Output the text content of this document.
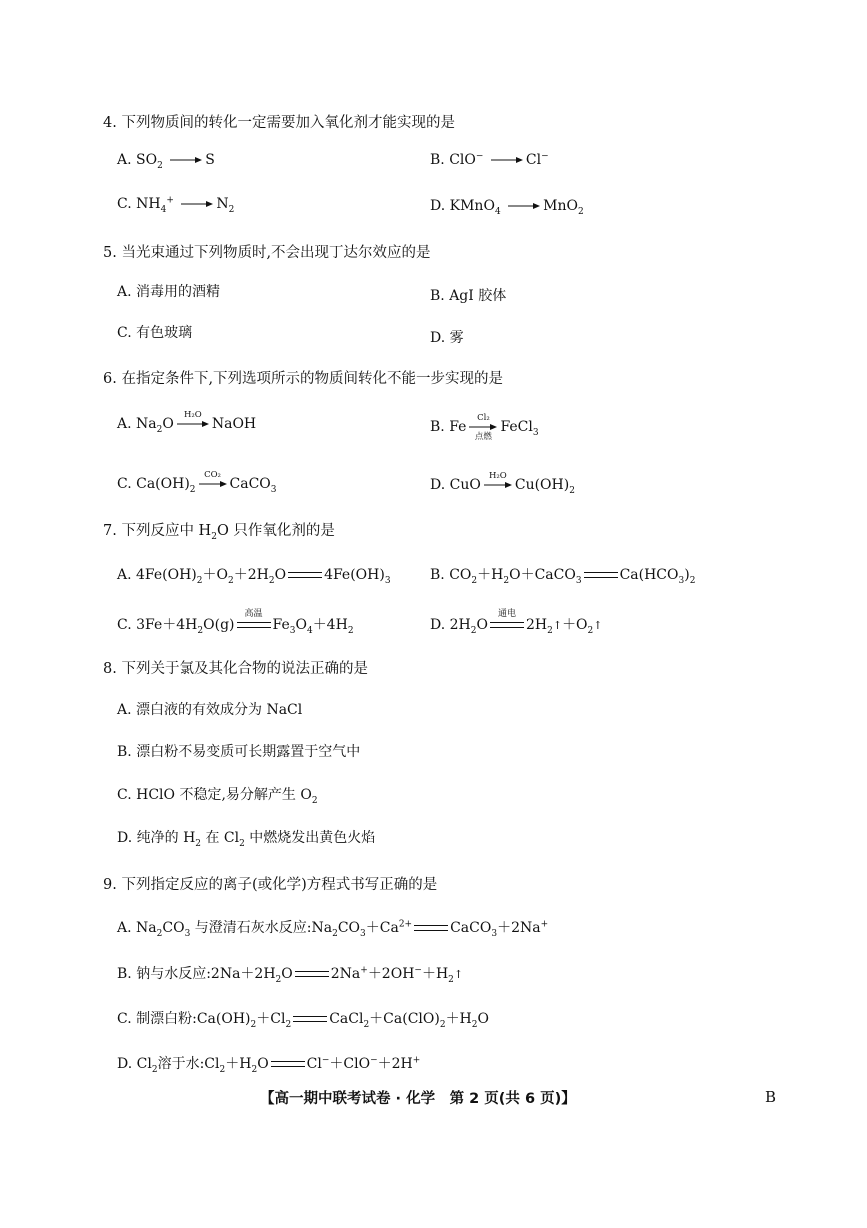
4. 下列物质间的转化一定需要加入氧化剂才能实现的是
A. $SO_2 \to S$	B. ClO− → Cl−
C. $NH_4^+ \to N_2$	D. KMnO$_4$ → MnO$_2$
5. 当光束通过下列物质时,不会出现丁达尔效应的是
A. 消毒用的酒精	B. AgI 胶体
C. 有色玻璃	D. 雾
6. 在指定条件下,下列选项所示的物质间转化不能一步实现的是
A. $Na_2O$
H₂O
NaOH	B. Fe
Cl₂
点燃
FeCl$_3$
C. $Ca(OH)_2$
CO₂
CaCO$_3$	D. CuO
H₂O
$Cu(OH)_2$
7. 下列反应中 $H_2O$ 只作氧化剂的是
A. $4Fe(OH)_2+O_2+2H_2O$	$4Fe(OH)_3$	B. $CO_2+H_2O+CaCO_3$	$Ca(HCO_3)_2$
C. $3Fe+4H_2O(g)$
高温
$Fe_3O_4+4H_2$	D. $2H_2O$
通电
$2H_2↑+O_2↑$
8. 下列关于氯及其化合物的说法正确的是
A. 漂白液的有效成分为 NaCl
B. 漂白粉不易变质可长期露置于空气中
C. HClO 不稳定,易分解产生 $O_2$
D. 纯净的 $H_2$ 在 $Cl_2$ 中燃烧发出黄色火焰
9. 下列指定反应的离子(或化学)方程式书写正确的是
A. $Na_2CO_3$ 与澄清石灰水反应$:Na_2CO_3+Ca^{2+}$	CaCO$_3$＋2Na+
B. 钠与水反应$:2Na+2H_2O$	$2Na^++2OH^-+H_2↑$
C. 制漂白粉$:Ca(OH)_2+Cl_2$	$CaCl_2+Ca(ClO)_2+H_2O$
D. $Cl_2$溶于水$:Cl_2+H_2O$	Cl−＋ClO−＋2H+
【高一期中联考试卷 · 化学　第 2 页(共 6 页)】	B
